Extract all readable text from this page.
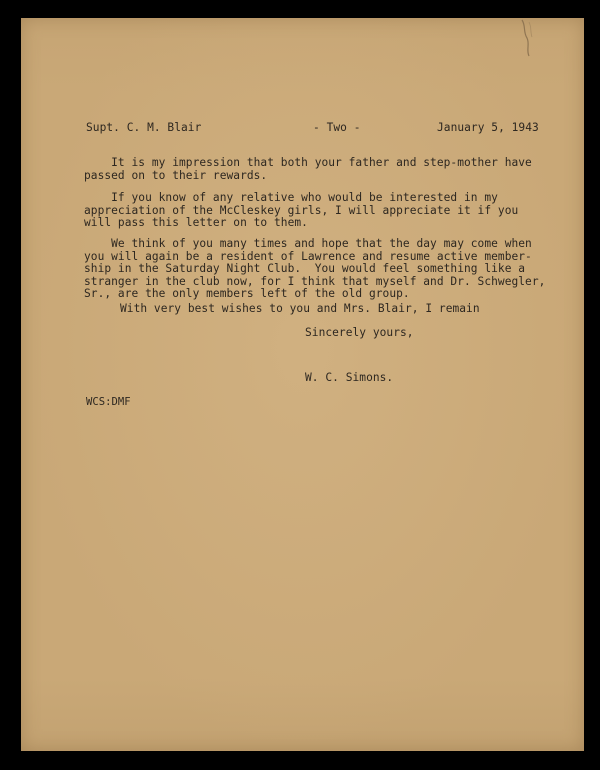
Supt. C. M. Blair	- Two -	January 5, 1943
It is my impression that both your father and step-mother have
passed on to their rewards.
If you know of any relative who would be interested in my
appreciation of the McCleskey girls, I will appreciate it if you
will pass this letter on to them.
We think of you many times and hope that the day may come when
you will again be a resident of Lawrence and resume active member-
ship in the Saturday Night Club.  You would feel something like a
stranger in the club now, for I think that myself and Dr. Schwegler,
Sr., are the only members left of the old group.
With very best wishes to you and Mrs. Blair, I remain
Sincerely yours,
W. C. Simons.
WCS:DMF
